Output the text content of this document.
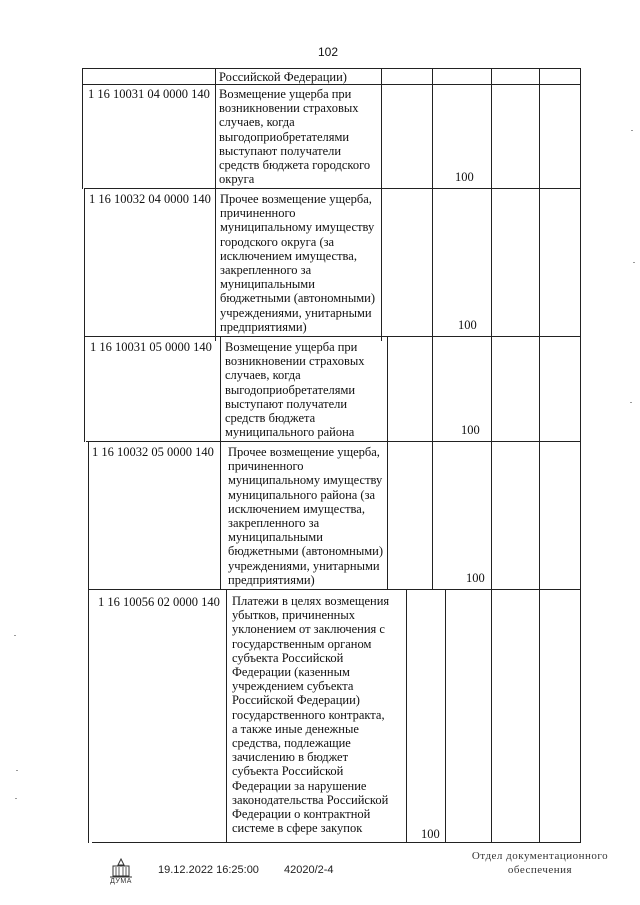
102
Российской Федерации)
1 16 10031 04 0000 140 Возмещение ущерба при
возникновении страховых
случаев, когда
выгодоприобретателями
выступают получатели
средств бюджета городского
округа	100
1 16 10032 04 0000 140 Прочее возмещение ущерба,
причиненного
муниципальному имуществу
городского округа (за
исключением имущества,
закрепленного за
муниципальными
бюджетными (автономными)
учреждениями, унитарными
предприятиями)	100
1 16 10031 05 0000 140 Возмещение ущерба при
возникновении страховых
случаев, когда
выгодоприобретателями
выступают получатели
средств бюджета
муниципального района	100
1 16 10032 05 0000 140 Прочее возмещение ущерба,
причиненного
муниципальному имуществу
муниципального района (за
исключением имущества,
закрепленного за
муниципальными
бюджетными (автономными)
учреждениями, унитарными
предприятиями)	100
1 16 10056 02 0000 140 Платежи в целях возмещения
убытков, причиненных
уклонением от заключения с
государственным органом
субъекта Российской
Федерации (казенным
учреждением субъекта
Российской Федерации)
государственного контракта,
а также иные денежные
средства, подлежащие
зачислению в бюджет
субъекта Российской
Федерации за нарушение
законодательства Российской
Федерации о контрактной
системе в сфере закупок	100
ДУМА
19.12.2022 16:25:00 42020/2-4
Отдел документационного
обеспечения
